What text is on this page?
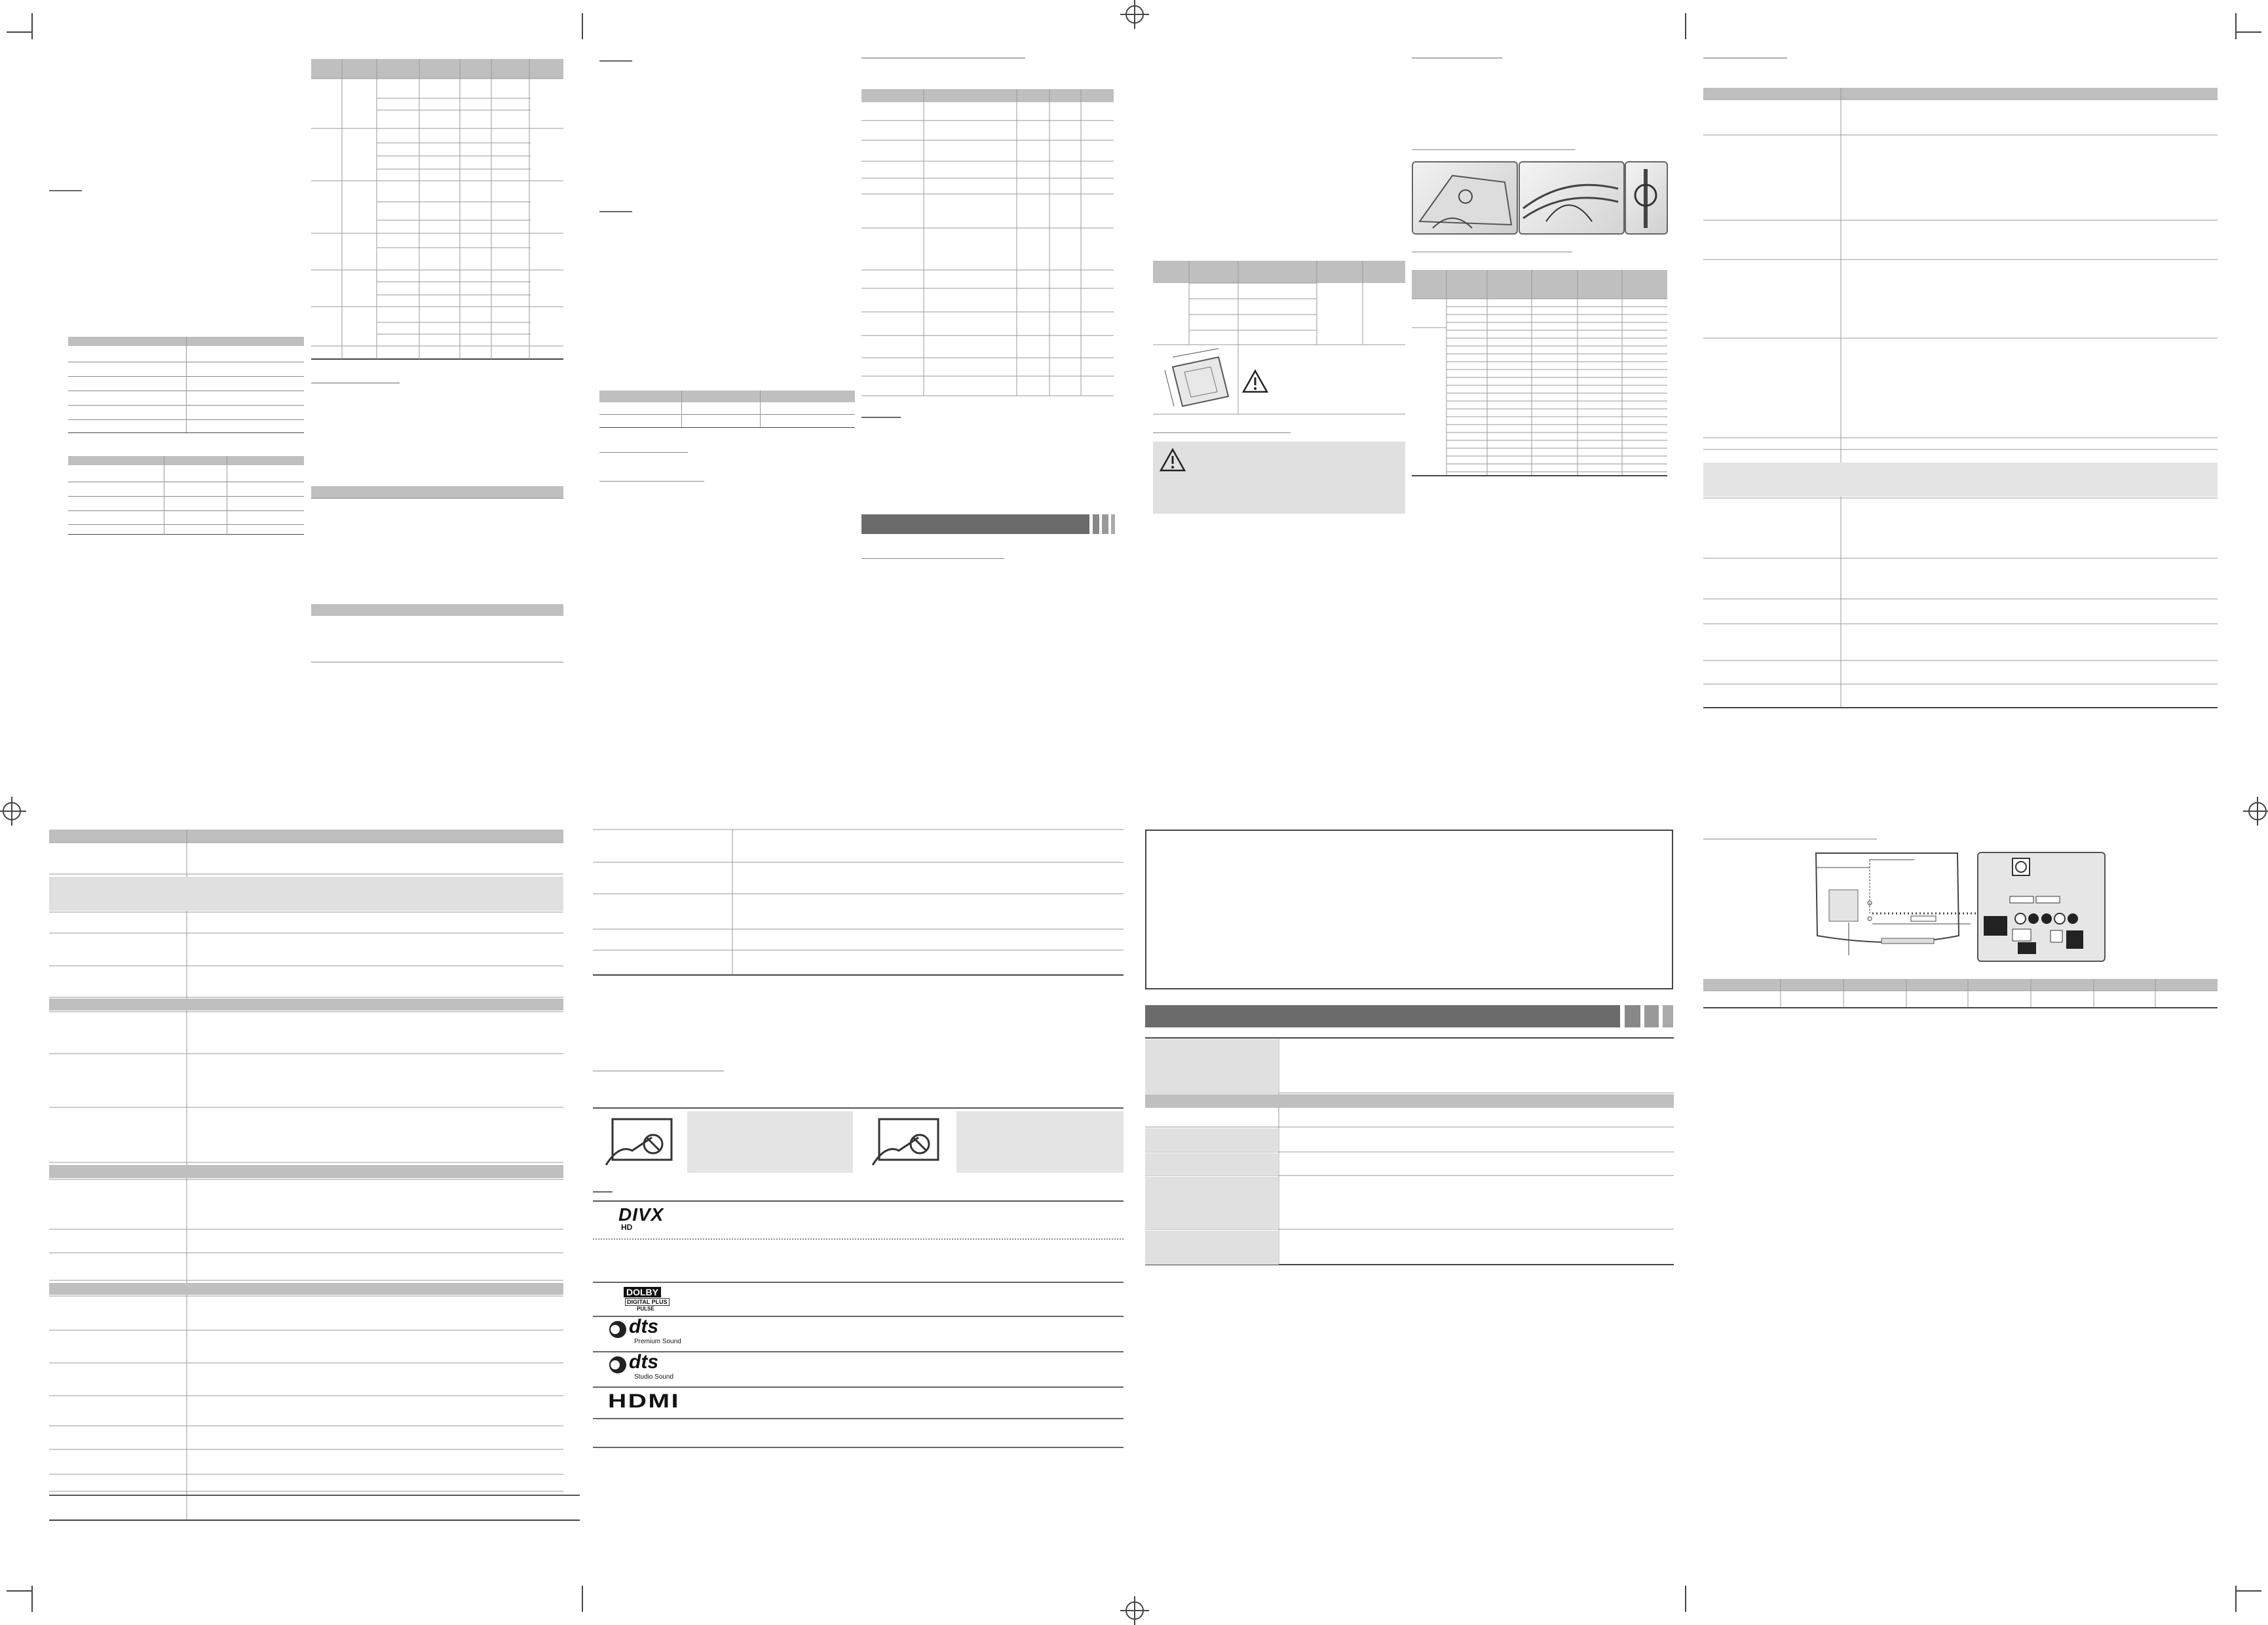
DIVX
HD
DOLBY
DIGITAL PLUS
PULSE
dts
Premium Sound
dts
Studio Sound
HDMI
